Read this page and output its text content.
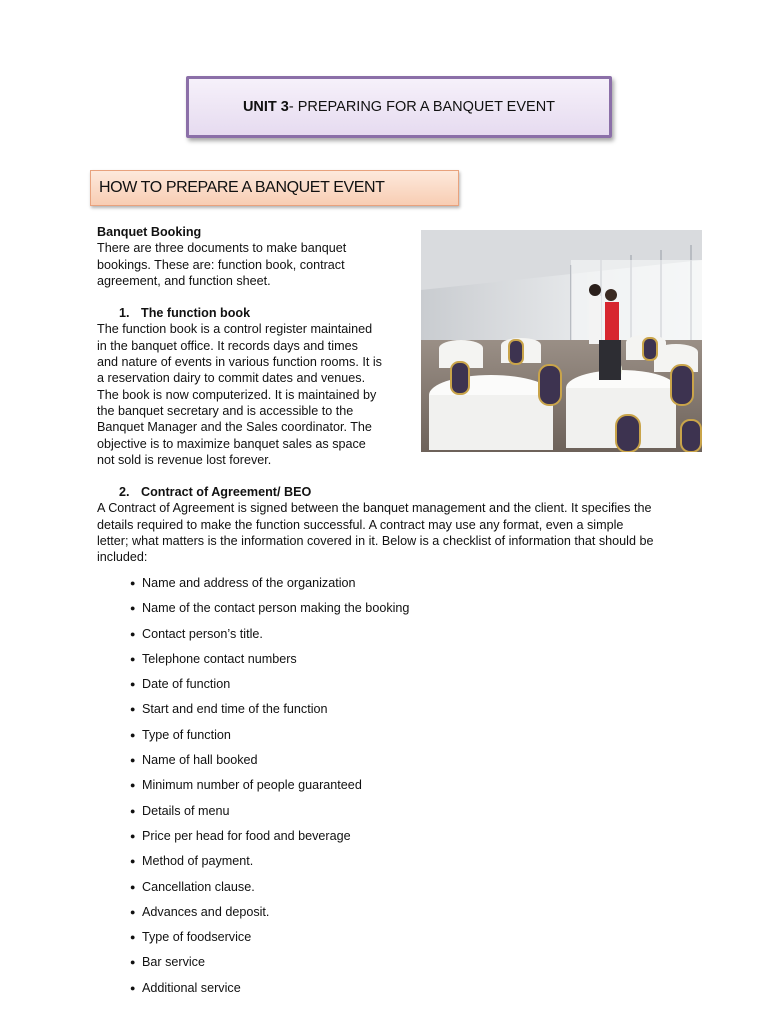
UNIT 3- PREPARING FOR A BANQUET EVENT
HOW TO PREPARE A BANQUET EVENT

Banquet Booking

There are three documents to make banquet

bookings. These are: function book, contract

agreement, and function sheet.

1. The function book

The function book is a control register maintained

in the banquet office. It records days and times

and nature of events in various function rooms. It is

a reservation dairy to commit dates and venues.

The book is now computerized. It is maintained by

the banquet secretary and is accessible to the

Banquet Manager and the Sales coordinator. The

objective is to maximize banquet sales as space

not sold is revenue lost forever.

2. Contract of Agreement/ BEO

A Contract of Agreement is signed between the banquet management and the client. It specifies the

details required to make the function successful. A contract may use any format, even a simple

letter; what matters is the information covered in it. Below is a checklist of information that should be

included:

● Name and address of the organization
● Name of the contact person making the booking
● Contact person’s title.
● Telephone contact numbers
● Date of function
● Start and end time of the function
● Type of function
● Name of hall booked
● Minimum number of people guaranteed
● Details of menu
● Price per head for food and beverage
● Method of payment.
● Cancellation clause.
● Advances and deposit.
● Type of foodservice
● Bar service
● Additional service
